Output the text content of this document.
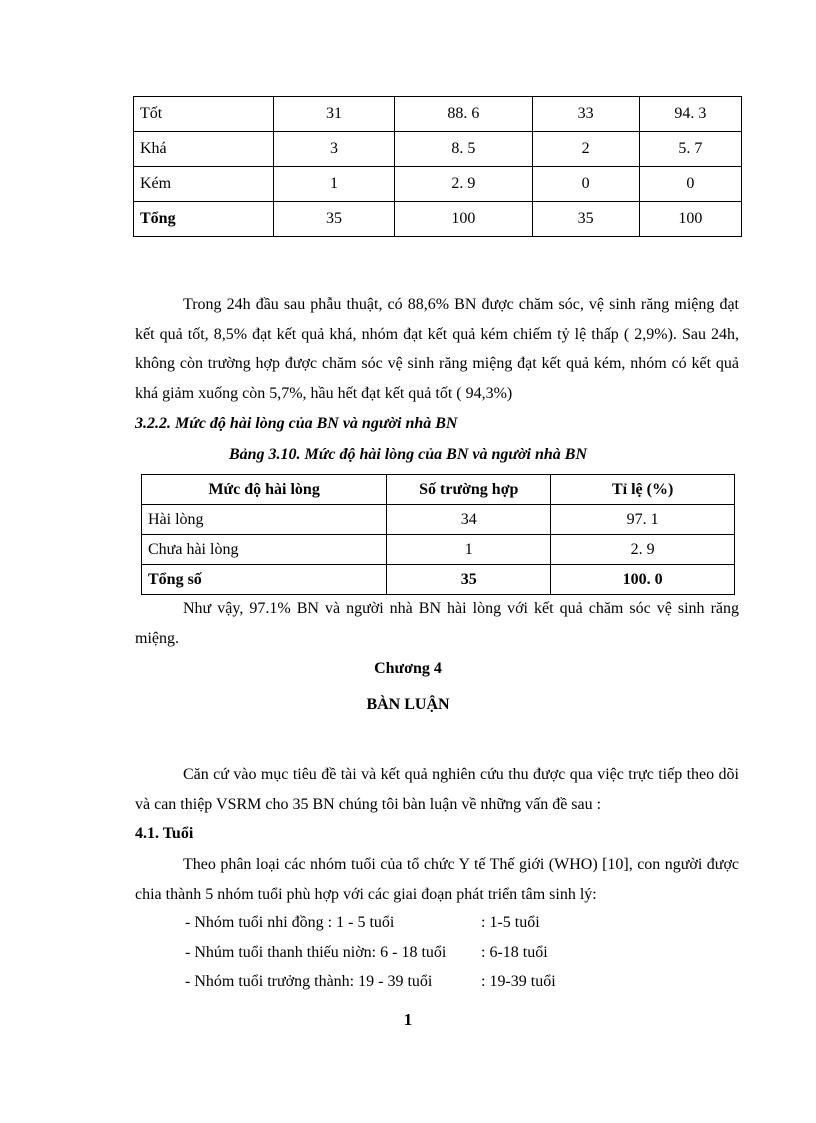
Tốt	31	88. 6	33	94. 3
Khá	3	8. 5	2	5. 7
Kém	1	2. 9	0	0
Tổng	35	100	35	100
Trong 24h đầu sau phẫu thuật, có 88,6% BN được chăm sóc, vệ sinh răng miệng đạt kết quả tốt, 8,5% đạt kết quả khá, nhóm đạt kết quả kém chiếm tỷ lệ thấp ( 2,9%). Sau 24h, không còn trường hợp được chăm sóc vệ sinh răng miệng đạt kết quả kém, nhóm có kết quả khá giảm xuống còn 5,7%, hầu hết đạt kết quả tốt ( 94,3%)
3.2.2. Mức độ hài lòng của BN và người nhà BN
Bảng 3.10. Mức độ hài lòng của BN và người nhà BN
Mức độ hài lòng	Số trường hợp	Tỉ lệ (%)
Hài lòng	34	97. 1
Chưa hài lòng	1	2. 9
Tổng số	35	100. 0
Như vậy, 97.1% BN và người nhà BN hài lòng với kết quả chăm sóc vệ sinh răng miệng.
Chương 4
BÀN LUẬN
Căn cứ vào mục tiêu đề tài và kết quả nghiên cứu thu được qua việc trực tiếp theo dõi và can thiệp VSRM cho 35 BN chúng tôi bàn luận về những vấn đề sau :
4.1. Tuổi
Theo phân loại các nhóm tuổi của tổ chức Y tế Thế giới (WHO) [10], con người được chia thành 5 nhóm tuổi phù hợp với các giai đoạn phát triển tâm sinh lý:
- Nhóm tuổi nhi đồng : 1 - 5 tuổi	: 1-5 tuổi
- Nhúm tuổi thanh thiếu niờn: 6 - 18 tuổi : 6-18 tuổi
- Nhóm tuổi trưởng thành: 19 - 39 tuổi	: 19-39 tuổi
1
